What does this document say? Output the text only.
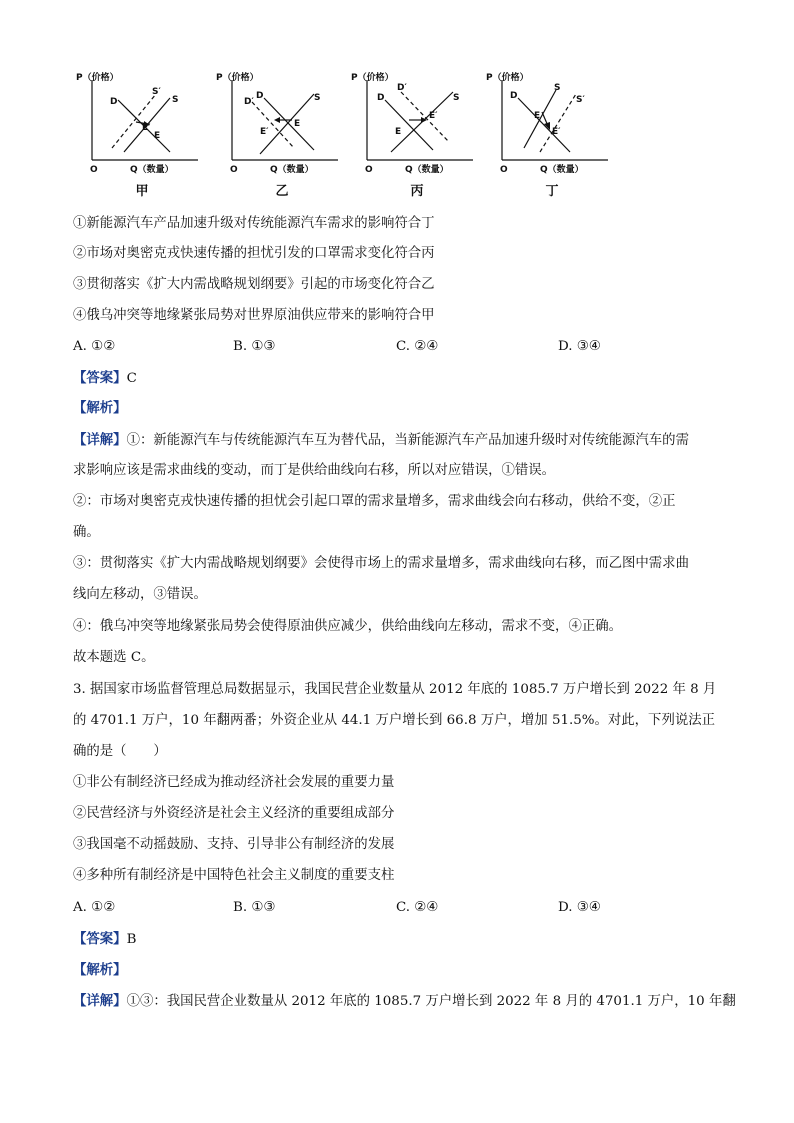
P（价格）
Q（数量）
O
D
S′
S
E′
E
甲
P（价格）
Q（数量）
O
D
D′	S
E
E′
乙
P（价格）
Q（数量）
O
D
D′
S
E
E′
丙
P（价格）
Q（数量）
O
D
S
S′
E
E′
丁
①新能源汽车产品加速升级对传统能源汽车需求的影响符合丁
②市场对奥密克戎快速传播的担忧引发的口罩需求变化符合丙
③贯彻落实《扩大内需战略规划纲要》引起的市场变化符合乙
④俄乌冲突等地缘紧张局势对世界原油供应带来的影响符合甲
A. ①②	B. ①③	C. ②④	D. ③④
【答案】C
【解析】
【详解】①：新能源汽车与传统能源汽车互为替代品，当新能源汽车产品加速升级时对传统能源汽车的需
求影响应该是需求曲线的变动，而丁是供给曲线向右移，所以对应错误，①错误。
②：市场对奥密克戎快速传播的担忧会引起口罩的需求量增多，需求曲线会向右移动，供给不变，②正
确。
③：贯彻落实《扩大内需战略规划纲要》会使得市场上的需求量增多，需求曲线向右移，而乙图中需求曲
线向左移动，③错误。
④：俄乌冲突等地缘紧张局势会使得原油供应减少，供给曲线向左移动，需求不变，④正确。
故本题选 C。
3. 据国家市场监督管理总局数据显示，我国民营企业数量从 2012 年底的 1085.7 万户增长到 2022 年 8 月
的 4701.1 万户，10 年翻两番；外资企业从 44.1 万户增长到 66.8 万户，增加 51.5%。对此，下列说法正
确的是（　　）
①非公有制经济已经成为推动经济社会发展的重要力量
②民营经济与外资经济是社会主义经济的重要组成部分
③我国毫不动摇鼓励、支持、引导非公有制经济的发展
④多种所有制经济是中国特色社会主义制度的重要支柱
A. ①②	B. ①③	C. ②④	D. ③④
【答案】B
【解析】
【详解】①③：我国民营企业数量从 2012 年底的 1085.7 万户增长到 2022 年 8 月的 4701.1 万户，10 年翻
